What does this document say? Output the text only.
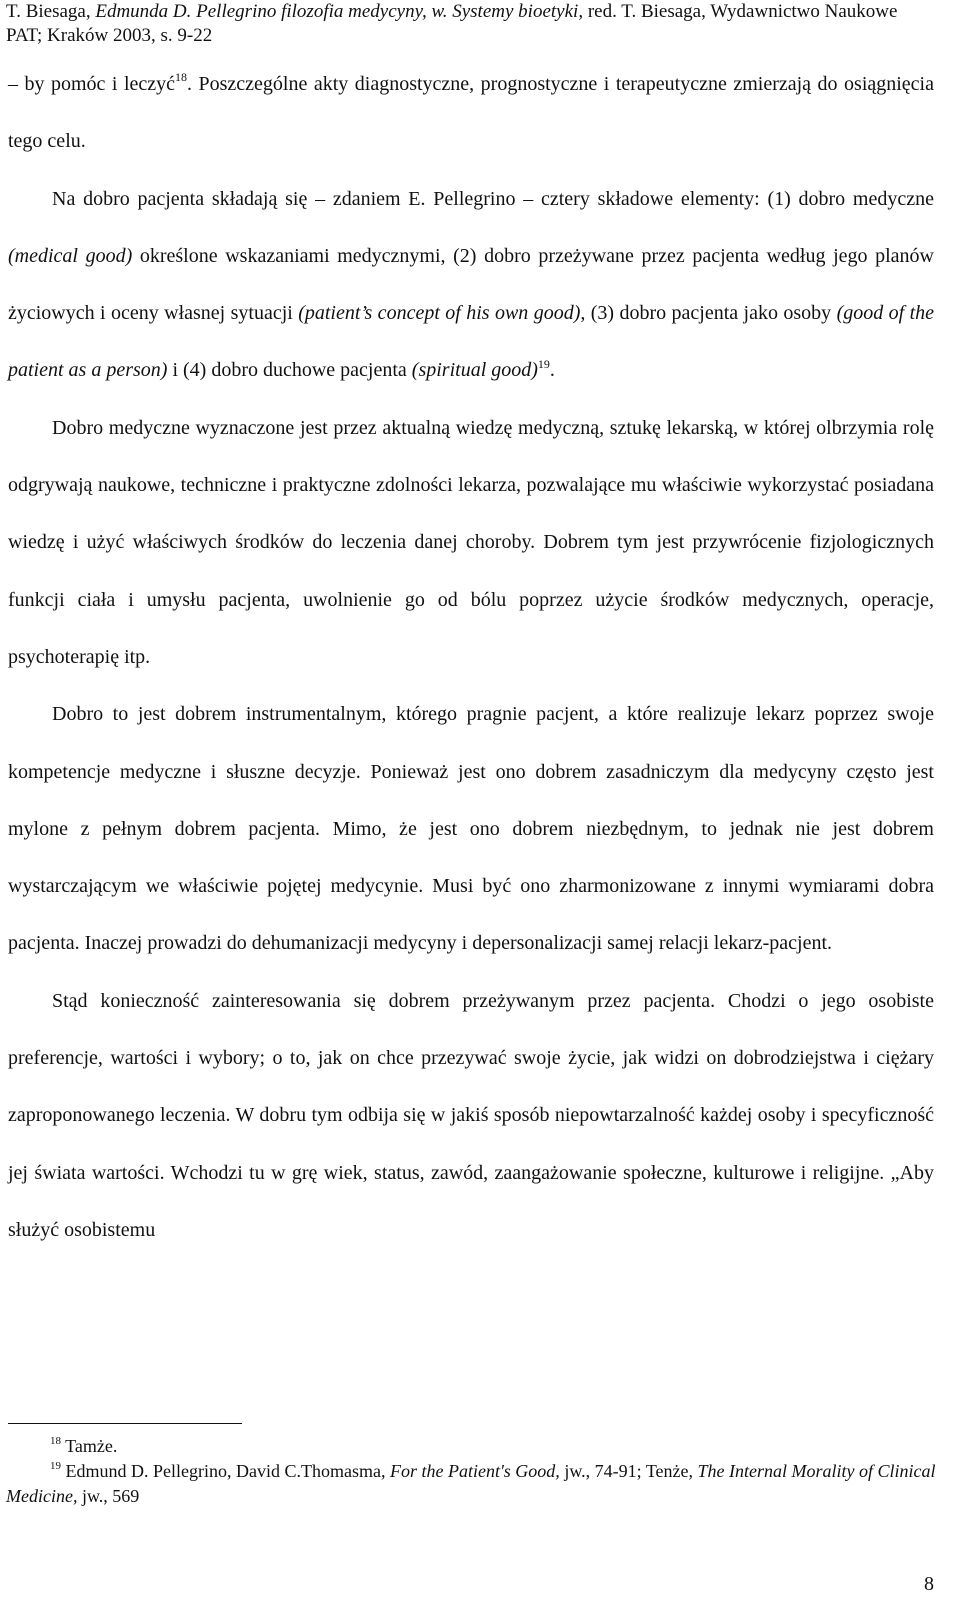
T. Biesaga, Edmunda D. Pellegrino filozofia medycyny, w. Systemy bioetyki, red. T. Biesaga, Wydawnictwo Naukowe PAT; Kraków 2003, s. 9-22

– by pomóc i leczyć$^{18}$. Poszczególne akty diagnostyczne, prognostyczne i terapeutyczne zmierzają do osiągnięcia tego celu.

Na dobro pacjenta składają się – zdaniem E. Pellegrino – cztery składowe elementy: (1) dobro medyczne (medical good) określone wskazaniami medycznymi, (2) dobro przeżywane przez pacjenta według jego planów życiowych i oceny własnej sytuacji (patient’s concept of his own good), (3) dobro pacjenta jako osoby (good of the patient as a person) i (4) dobro duchowe pacjenta (spiritual good)$^{19}$.

Dobro medyczne wyznaczone jest przez aktualną wiedzę medyczną, sztukę lekarską, w której olbrzymia rolę odgrywają naukowe, techniczne i praktyczne zdolności lekarza, pozwalające mu właściwie wykorzystać posiadana wiedzę i użyć właściwych środków do leczenia danej choroby. Dobrem tym jest przywrócenie fizjologicznych funkcji ciała i umysłu pacjenta, uwolnienie go od bólu poprzez użycie środków medycznych, operacje, psychoterapię itp.

Dobro to jest dobrem instrumentalnym, którego pragnie pacjent, a które realizuje lekarz poprzez swoje kompetencje medyczne i słuszne decyzje. Ponieważ jest ono dobrem zasadniczym dla medycyny często jest mylone z pełnym dobrem pacjenta. Mimo, że jest ono dobrem niezbędnym, to jednak nie jest dobrem wystarczającym we właściwie pojętej medycynie. Musi być ono zharmonizowane z innymi wymiarami dobra pacjenta. Inaczej prowadzi do dehumanizacji medycyny i depersonalizacji samej relacji lekarz-pacjent.

Stąd konieczność zainteresowania się dobrem przeżywanym przez pacjenta. Chodzi o jego osobiste preferencje, wartości i wybory; o to, jak on chce przezywać swoje życie, jak widzi on dobrodziejstwa i ciężary zaproponowanego leczenia. W dobru tym odbija się w jakiś sposób niepowtarzalność każdej osoby i specyficzność jej świata wartości. Wchodzi tu w grę wiek, status, zawód, zaangażowanie społeczne, kulturowe i religijne. „Aby służyć osobistemu

$^{18}$ Tamże.

$^{19}$ Edmund D. Pellegrino, David C.Thomasma, For the Patient's Good, jw., 74-91; Tenże, The Internal Morality of Clinical Medicine, jw., 569

8
